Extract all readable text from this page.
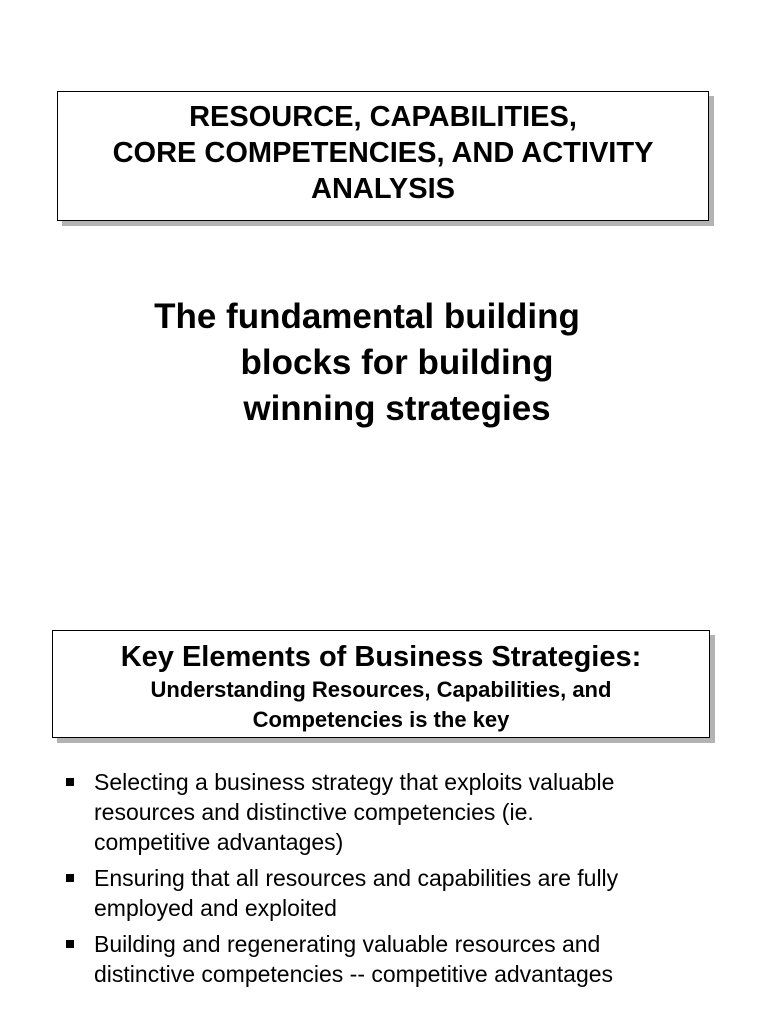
RESOURCE, CAPABILITIES,
CORE COMPETENCIES, AND ACTIVITY
ANALYSIS
The fundamental building
blocks for building
winning strategies
Key Elements of Business Strategies:
Understanding Resources, Capabilities, and
Competencies is the key
Selecting a business strategy that exploits valuable
resources and distinctive competencies (ie.
competitive advantages)
Ensuring that all resources and capabilities are fully
employed and exploited
Building and regenerating valuable resources and
distinctive competencies -- competitive advantages
